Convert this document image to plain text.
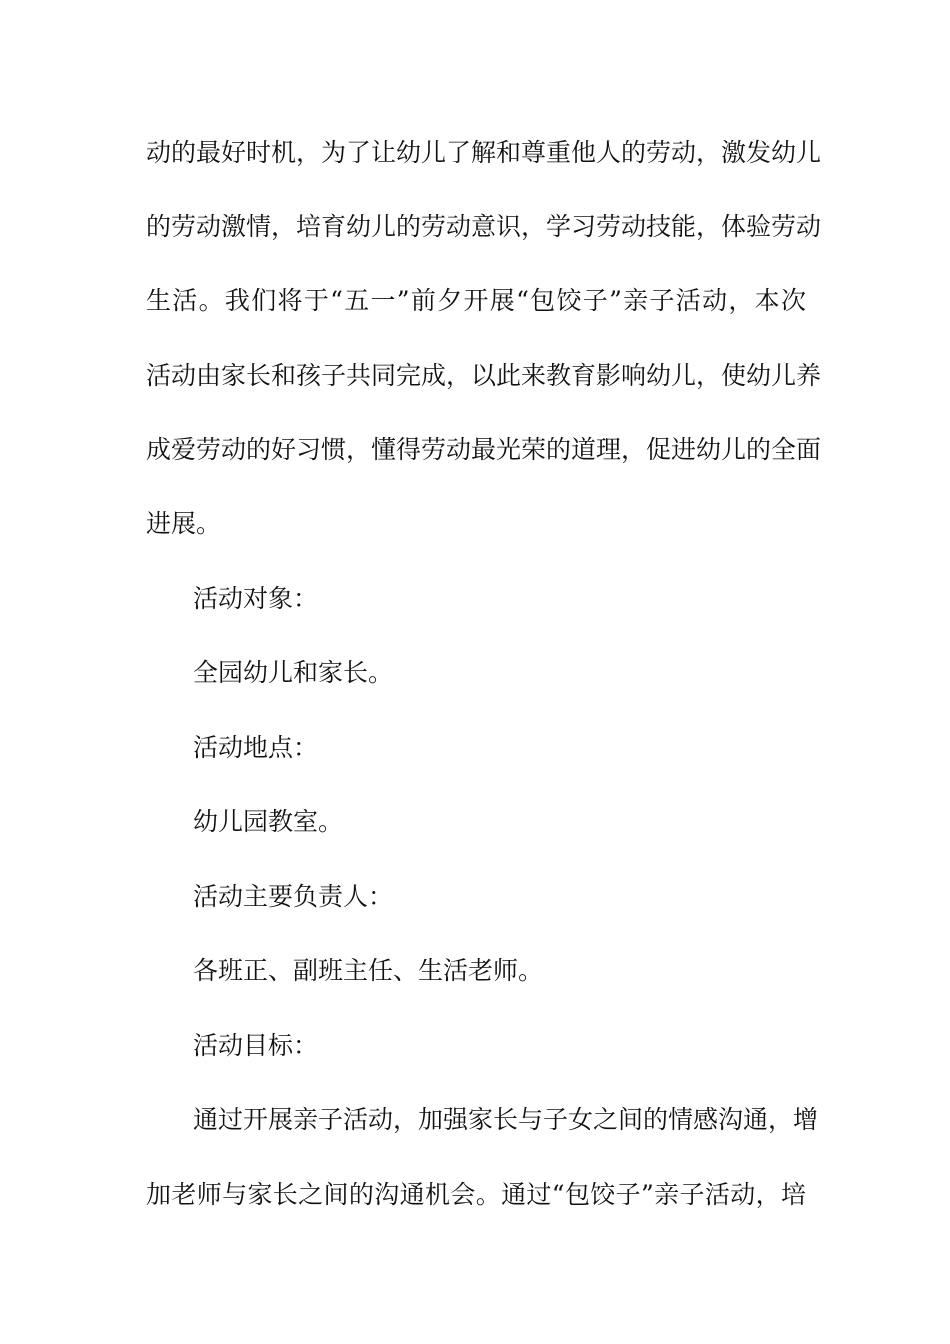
动的最好时机，为了让幼儿了解和尊重他人的劳动，激发幼儿
的劳动激情，培育幼儿的劳动意识，学习劳动技能，体验劳动
生活。我们将于“五一”前夕开展“包饺子”亲子活动，本次
活动由家长和孩子共同完成，以此来教育影响幼儿，使幼儿养
成爱劳动的好习惯，懂得劳动最光荣的道理，促进幼儿的全面
进展。
活动对象：
全园幼儿和家长。
活动地点：
幼儿园教室。
活动主要负责人：
各班正、副班主任、生活老师。
活动目标：
通过开展亲子活动，加强家长与子女之间的情感沟通，增
加老师与家长之间的沟通机会。通过“包饺子”亲子活动，培
